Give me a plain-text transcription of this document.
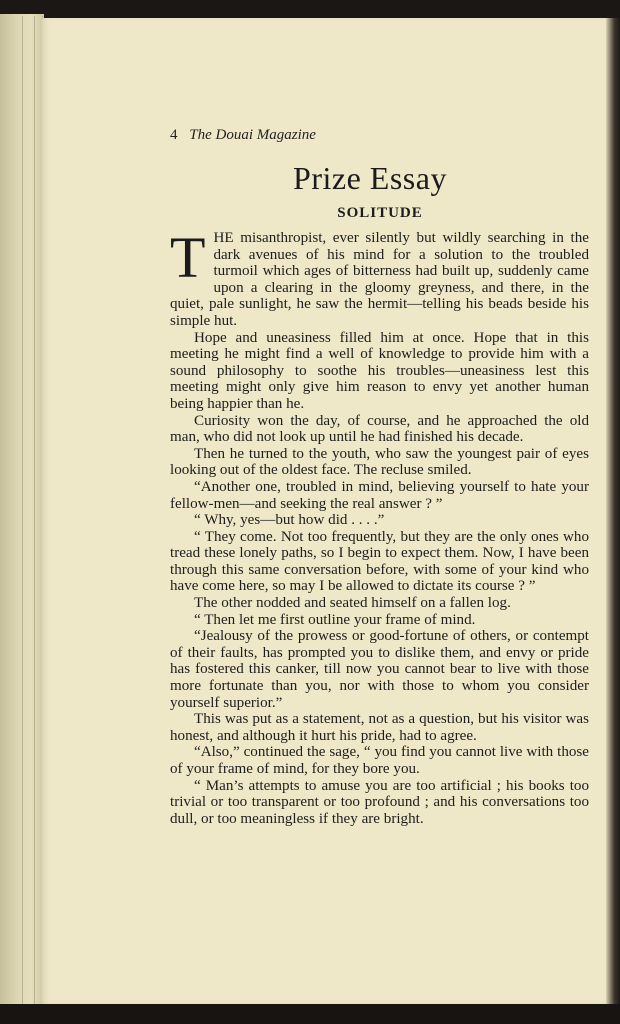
4 The Douai Magazine
Prize Essay
SOLITUDE

THE misanthropist, ever silently but wildly searching in the dark avenues of his mind for a solution to the troubled turmoil which ages of bitterness had built up, suddenly came upon a clearing in the gloomy greyness, and there, in the quiet, pale sunlight, he saw the hermit—telling his beads beside his simple hut.

Hope and uneasiness filled him at once. Hope that in this meeting he might find a well of knowledge to provide him with a sound philosophy to soothe his troubles—uneasiness lest this meeting might only give him reason to envy yet another human being happier than he.

Curiosity won the day, of course, and he approached the old man, who did not look up until he had finished his decade.

Then he turned to the youth, who saw the youngest pair of eyes looking out of the oldest face. The recluse smiled.

“Another one, troubled in mind, believing yourself to hate your fellow-men—and seeking the real answer ? ”

“ Why, yes—but how did . . . .”

“ They come. Not too frequently, but they are the only ones who tread these lonely paths, so I begin to expect them. Now, I have been through this same conversation before, with some of your kind who have come here, so may I be allowed to dictate its course ? ”

The other nodded and seated himself on a fallen log.

“ Then let me first outline your frame of mind.

“Jealousy of the prowess or good-fortune of others, or contempt of their faults, has prompted you to dislike them, and envy or pride has fostered this canker, till now you cannot bear to live with those more fortunate than you, nor with those to whom you consider yourself superior.”

This was put as a statement, not as a question, but his visitor was honest, and although it hurt his pride, had to agree.

“Also,” continued the sage, “ you find you cannot live with those of your frame of mind, for they bore you.

“ Man’s attempts to amuse you are too artificial ; his books too trivial or too transparent or too profound ; and his conversations too dull, or too meaningless if they are bright.
